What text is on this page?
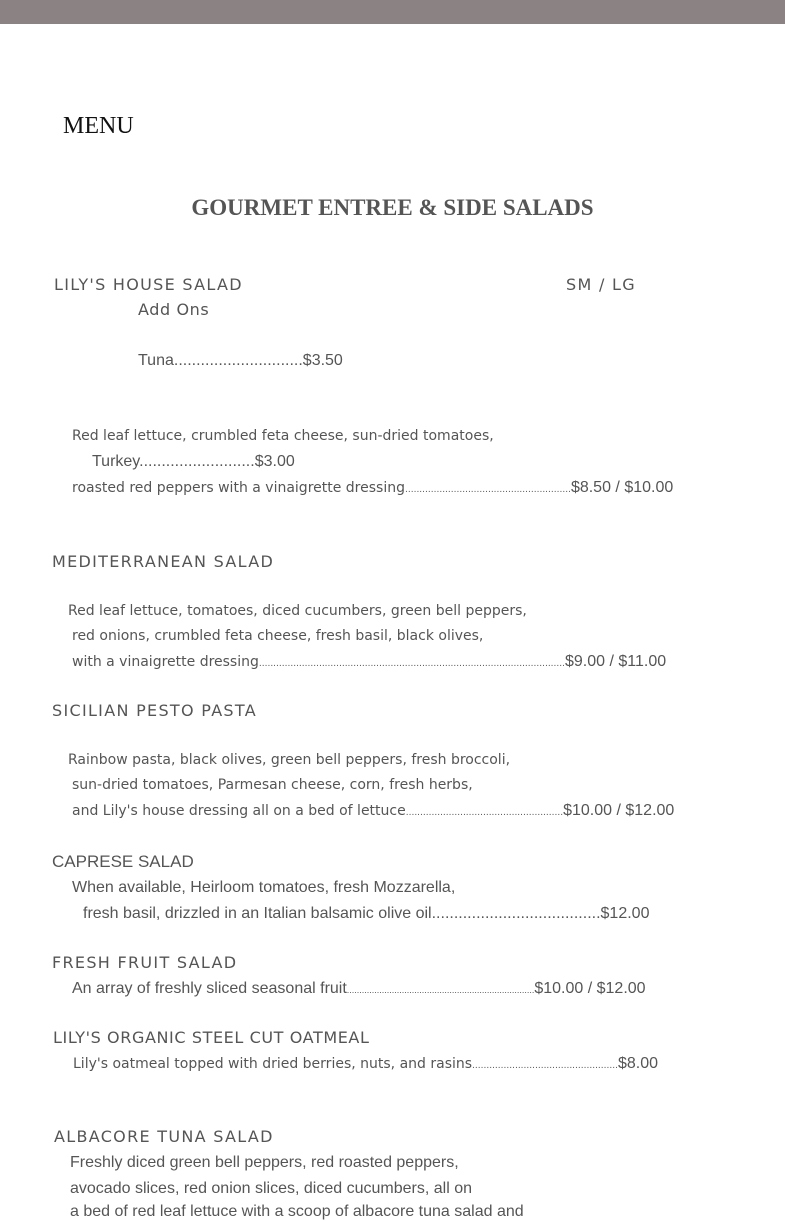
MENU
GOURMET ENTREE & SIDE SALADS
LILY'S HOUSE SALAD	SM / LG
Add Ons
Tuna.............................$3.50
Red leaf lettuce, crumbled feta cheese, sun-dried tomatoes,
Turkey..........................$3.00
roasted red peppers with a vinaigrette dressing..........................................................$8.50 / $10.00
MEDITERRANEAN SALAD
Red leaf lettuce, tomatoes, diced cucumbers, green bell peppers,
red onions, crumbled feta cheese, fresh basil, black olives,
with a vinaigrette dressing...........................................................................................................$9.00 / $11.00
SICILIAN PESTO PASTA
Rainbow pasta, black olives, green bell peppers, fresh broccoli,
sun-dried tomatoes, Parmesan cheese, corn, fresh herbs,
and Lily's house dressing all on a bed of lettuce.......................................................$10.00 / $12.00
CAPRESE SALAD
When available, Heirloom tomatoes, fresh Mozzarella,
fresh basil, drizzled in an Italian balsamic olive oil......................................$12.00
FRESH FRUIT SALAD
An array of freshly sliced seasonal fruit...........................................................................$10.00 / $12.00
LILY'S ORGANIC STEEL CUT OATMEAL
Lily's oatmeal topped with dried berries, nuts, and rasins...................................................$8.00
ALBACORE TUNA SALAD
Freshly diced green bell peppers, red roasted peppers,
avocado slices, red onion slices, diced cucumbers, all on
a bed of red leaf lettuce with a scoop of albacore tuna salad and
